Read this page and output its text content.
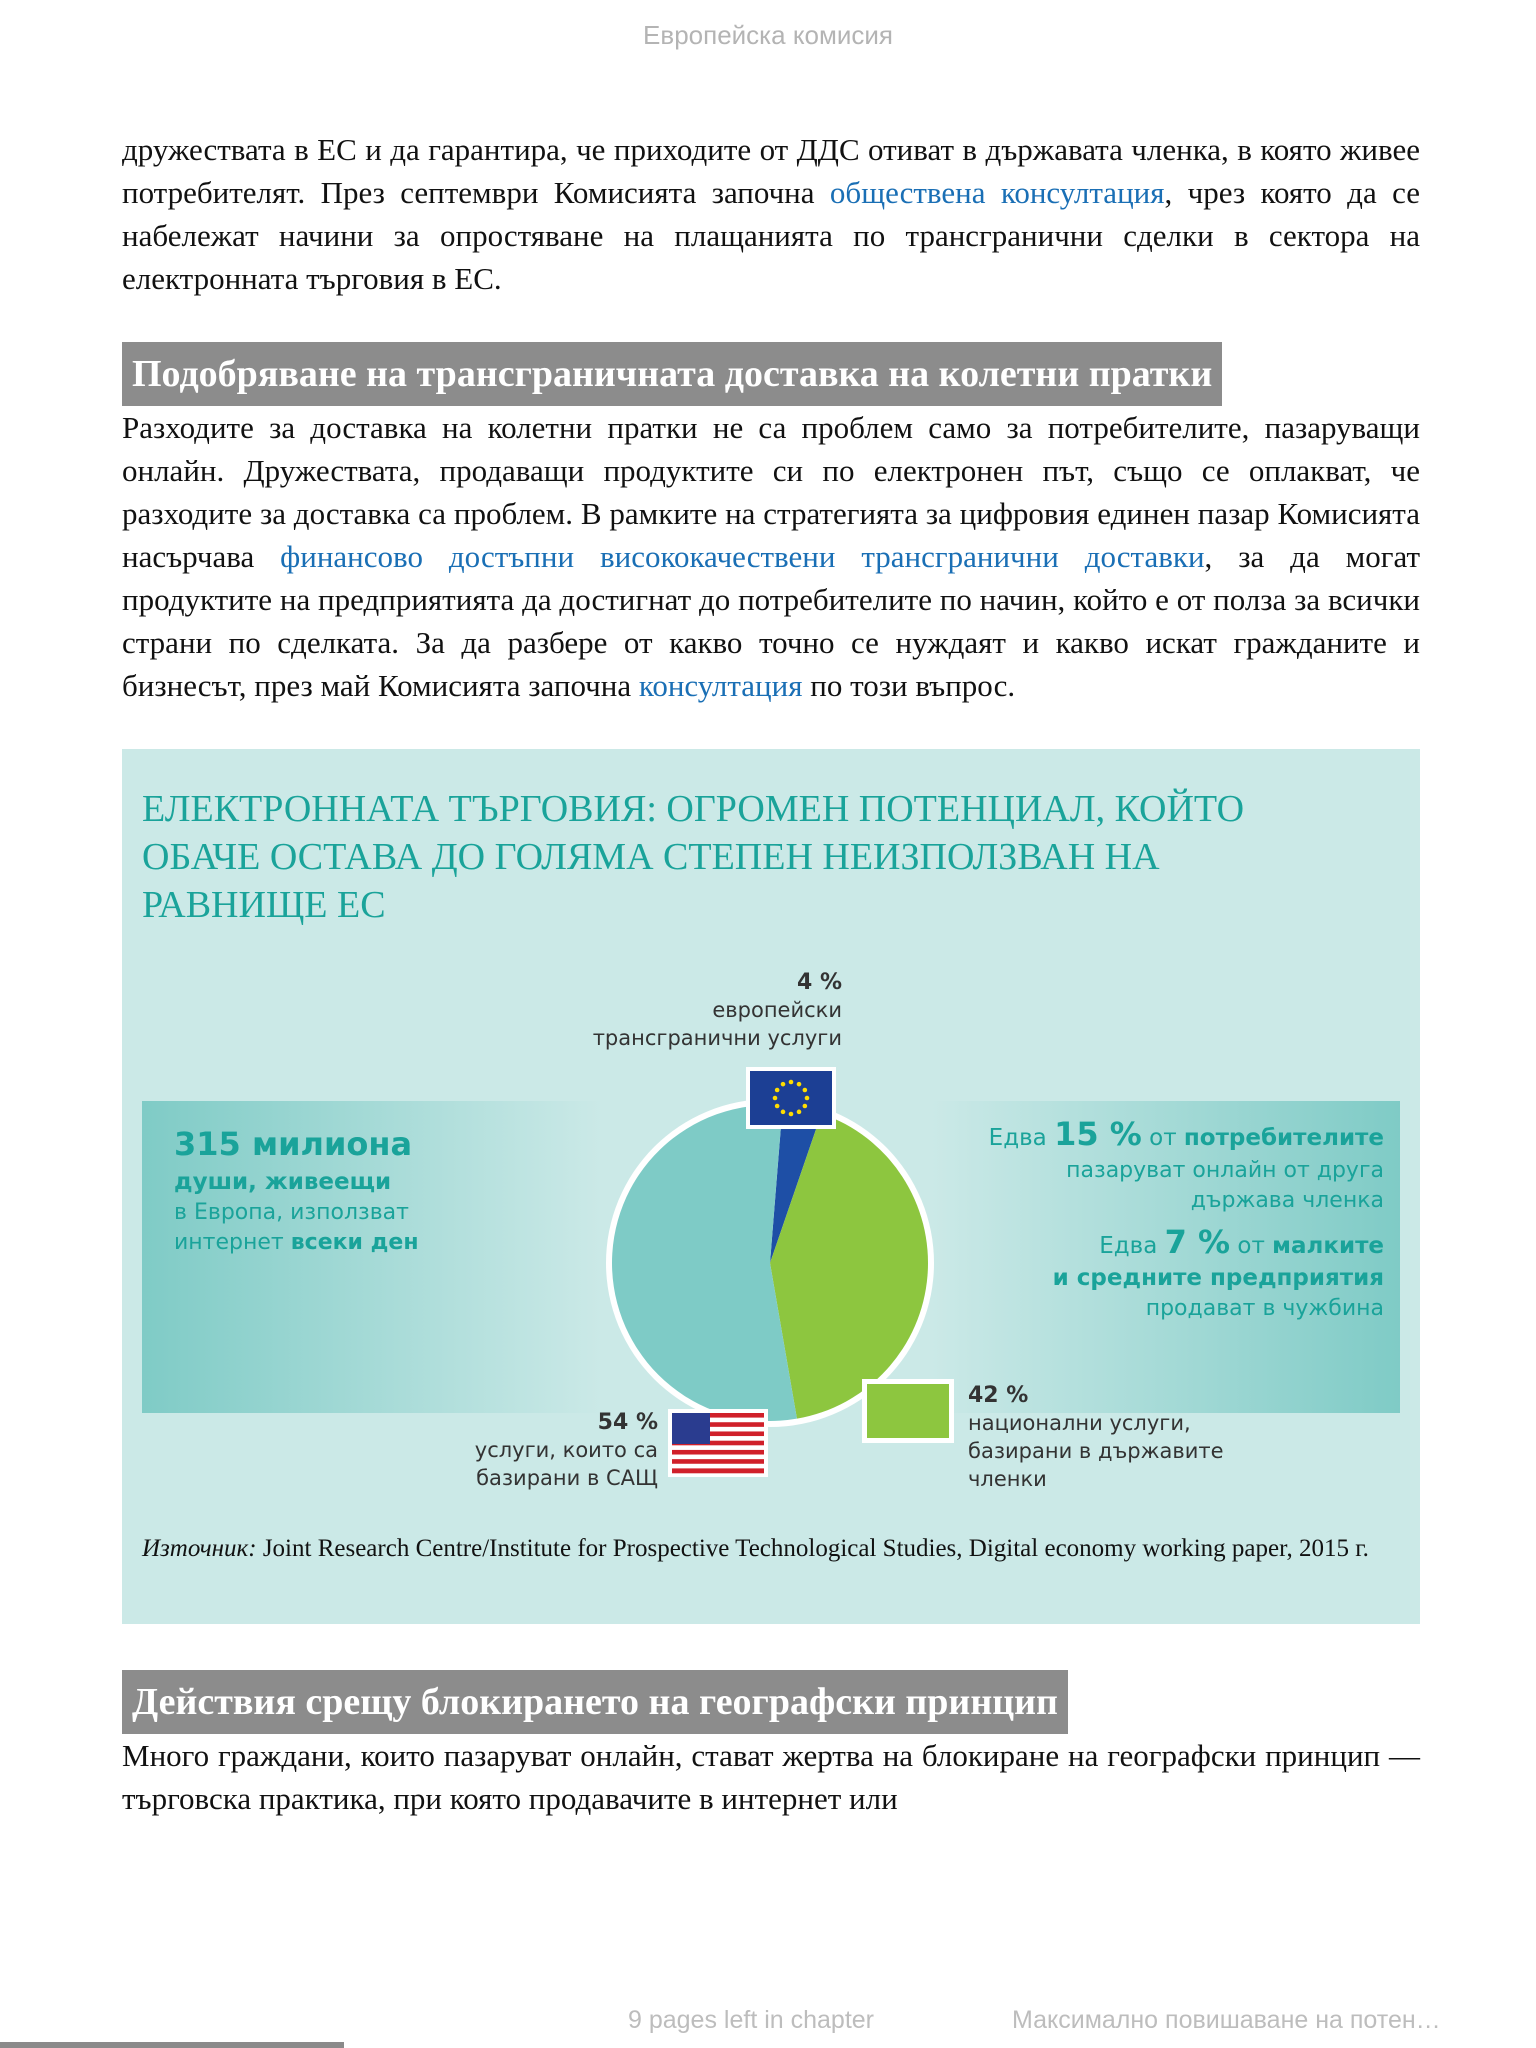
Европейска комисия

дружествата в ЕС и да гарантира, че приходите от ДДС отиват в държавата членка, в която живее потребителят. През септември Комисията започна обществена консултация, чрез която да се набележат начини за опростяване на плащанията по трансгранични сделки в сектора на електронната търговия в ЕС.

Подобряване на трансграничната доставка на колетни пратки

Разходите за доставка на колетни пратки не са проблем само за потребителите, пазаруващи онлайн. Дружествата, продаващи продуктите си по електронен път, също се оплакват, че разходите за доставка са проблем. В рамките на стратегията за цифровия единен пазар Комисията насърчава финансово достъпни висококачествени трансгранични доставки, за да могат продуктите на предприятията да достигнат до потребителите по начин, който е от полза за всички страни по сделката. За да разбере от какво точно се нуждаят и какво искат гражданите и бизнесът, през май Комисията започна консултация по този въпрос.

ЕЛЕКТРОННАТА ТЪРГОВИЯ: ОГРОМЕН ПОТЕНЦИАЛ, КОЙТО ОБАЧЕ ОСТАВА ДО ГОЛЯМА СТЕПЕН НЕИЗПОЛЗВАН НА РАВНИЩЕ ЕС
315 милиона
души, живеещи
в Европа, използват
интернет всеки ден
Едва 15 % от потребителите
пазаруват онлайн от друга
държава членка
Едва 7 % от малките
и средните предприятия
продават в чужбина
4 %
европейски
трансгранични услуги
42 %
национални услуги,
базирани в държавите
членки
54 %
услуги, които са
базирани в САЩ
Източник: Joint Research Centre/Institute for Prospective Technological Studies, Digital economy working paper, 2015 г.
Действия срещу блокирането на географски принцип

Много граждани, които пазаруват онлайн, стават жертва на блокиране на географски принцип — търговска практика, при която продавачите в интернет или

9 pages left in chapter	Максимално повишаване на потен…
